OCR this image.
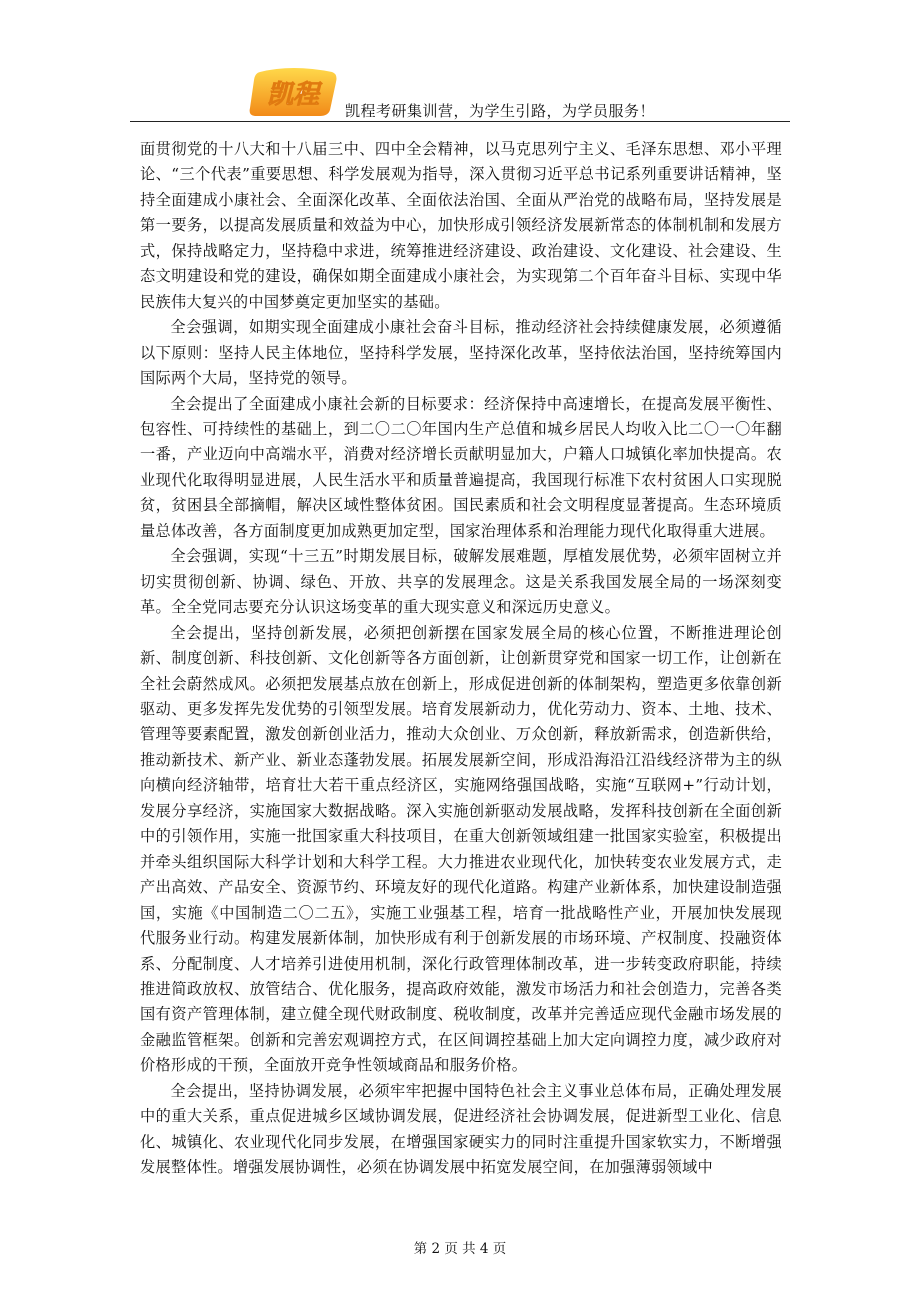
凯程
凯程考研集训营，为学生引路，为学员服务！

面贯彻党的十八大和十八届三中、四中全会精神，以马克思列宁主义、毛泽东思想、邓小平理论、“三个代表”重要思想、科学发展观为指导，深入贯彻习近平总书记系列重要讲话精神，坚持全面建成小康社会、全面深化改革、全面依法治国、全面从严治党的战略布局，坚持发展是第一要务，以提高发展质量和效益为中心，加快形成引领经济发展新常态的体制机制和发展方式，保持战略定力，坚持稳中求进，统筹推进经济建设、政治建设、文化建设、社会建设、生态文明建设和党的建设，确保如期全面建成小康社会，为实现第二个百年奋斗目标、实现中华民族伟大复兴的中国梦奠定更加坚实的基础。

全会强调，如期实现全面建成小康社会奋斗目标，推动经济社会持续健康发展，必须遵循以下原则：坚持人民主体地位，坚持科学发展，坚持深化改革，坚持依法治国，坚持统筹国内国际两个大局，坚持党的领导。

全会提出了全面建成小康社会新的目标要求：经济保持中高速增长，在提高发展平衡性、包容性、可持续性的基础上，到二〇二〇年国内生产总值和城乡居民人均收入比二〇一〇年翻一番，产业迈向中高端水平，消费对经济增长贡献明显加大，户籍人口城镇化率加快提高。农业现代化取得明显进展，人民生活水平和质量普遍提高，我国现行标准下农村贫困人口实现脱贫，贫困县全部摘帽，解决区域性整体贫困。国民素质和社会文明程度显著提高。生态环境质量总体改善，各方面制度更加成熟更加定型，国家治理体系和治理能力现代化取得重大进展。

全会强调，实现“十三五”时期发展目标，破解发展难题，厚植发展优势，必须牢固树立并切实贯彻创新、协调、绿色、开放、共享的发展理念。这是关系我国发展全局的一场深刻变革。全全党同志要充分认识这场变革的重大现实意义和深远历史意义。

全会提出，坚持创新发展，必须把创新摆在国家发展全局的核心位置，不断推进理论创新、制度创新、科技创新、文化创新等各方面创新，让创新贯穿党和国家一切工作，让创新在全社会蔚然成风。必须把发展基点放在创新上，形成促进创新的体制架构，塑造更多依靠创新驱动、更多发挥先发优势的引领型发展。培育发展新动力，优化劳动力、资本、土地、技术、管理等要素配置，激发创新创业活力，推动大众创业、万众创新，释放新需求，创造新供给，推动新技术、新产业、新业态蓬勃发展。拓展发展新空间，形成沿海沿江沿线经济带为主的纵向横向经济轴带，培育壮大若干重点经济区，实施网络强国战略，实施“互联网+”行动计划，发展分享经济，实施国家大数据战略。深入实施创新驱动发展战略，发挥科技创新在全面创新中的引领作用，实施一批国家重大科技项目，在重大创新领域组建一批国家实验室，积极提出并牵头组织国际大科学计划和大科学工程。大力推进农业现代化，加快转变农业发展方式，走产出高效、产品安全、资源节约、环境友好的现代化道路。构建产业新体系，加快建设制造强国，实施《中国制造二〇二五》，实施工业强基工程，培育一批战略性产业，开展加快发展现代服务业行动。构建发展新体制，加快形成有利于创新发展的市场环境、产权制度、投融资体系、分配制度、人才培养引进使用机制，深化行政管理体制改革，进一步转变政府职能，持续推进简政放权、放管结合、优化服务，提高政府效能，激发市场活力和社会创造力，完善各类国有资产管理体制，建立健全现代财政制度、税收制度，改革并完善适应现代金融市场发展的金融监管框架。创新和完善宏观调控方式，在区间调控基础上加大定向调控力度，减少政府对价格形成的干预，全面放开竞争性领域商品和服务价格。

全会提出，坚持协调发展，必须牢牢把握中国特色社会主义事业总体布局，正确处理发展中的重大关系，重点促进城乡区域协调发展，促进经济社会协调发展，促进新型工业化、信息化、城镇化、农业现代化同步发展，在增强国家硬实力的同时注重提升国家软实力，不断增强发展整体性。增强发展协调性，必须在协调发展中拓宽发展空间，在加强薄弱领域中

第 2 页 共 4 页
